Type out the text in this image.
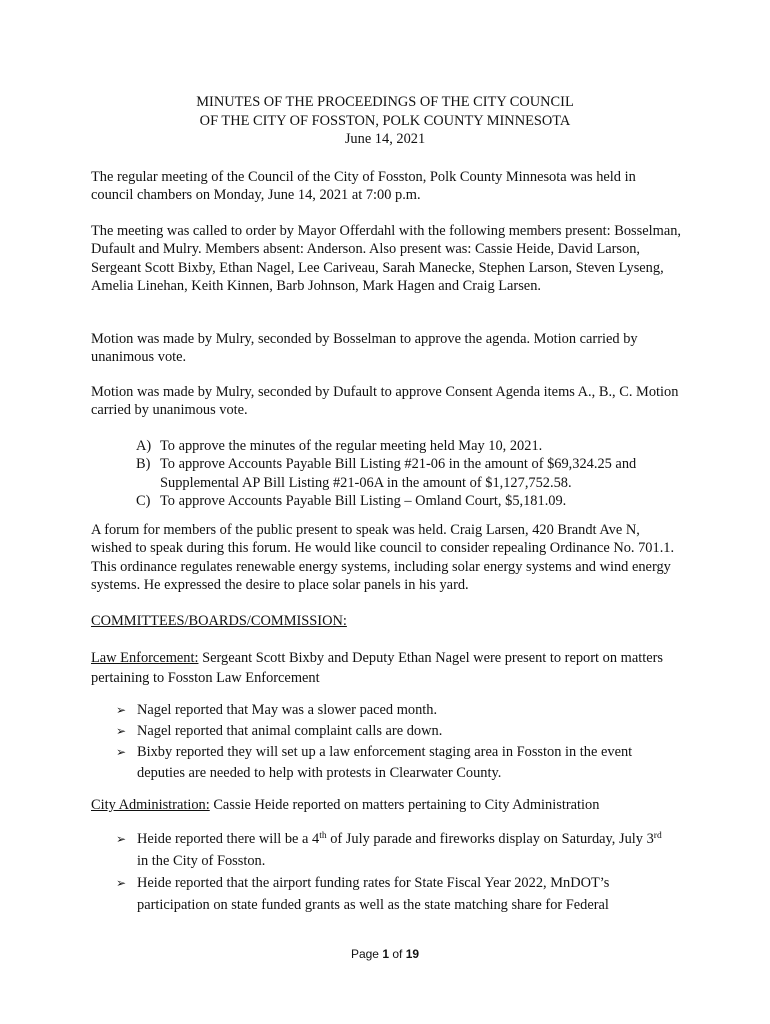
MINUTES OF THE PROCEEDINGS OF THE CITY COUNCIL
OF THE CITY OF FOSSTON, POLK COUNTY MINNESOTA
June 14, 2021
The regular meeting of the Council of the City of Fosston, Polk County Minnesota was held in council chambers on Monday, June 14, 2021 at 7:00 p.m.
The meeting was called to order by Mayor Offerdahl with the following members present: Bosselman, Dufault and Mulry. Members absent: Anderson. Also present was: Cassie Heide, David Larson, Sergeant Scott Bixby, Ethan Nagel, Lee Cariveau, Sarah Manecke, Stephen Larson, Steven Lyseng, Amelia Linehan, Keith Kinnen, Barb Johnson, Mark Hagen and Craig Larsen.
Motion was made by Mulry, seconded by Bosselman to approve the agenda. Motion carried by unanimous vote.
Motion was made by Mulry, seconded by Dufault to approve Consent Agenda items A., B., C. Motion carried by unanimous vote.
A) To approve the minutes of the regular meeting held May 10, 2021.
B) To approve Accounts Payable Bill Listing #21-06 in the amount of $69,324.25 and Supplemental AP Bill Listing #21-06A in the amount of $1,127,752.58.
C) To approve Accounts Payable Bill Listing – Omland Court, $5,181.09.
A forum for members of the public present to speak was held. Craig Larsen, 420 Brandt Ave N, wished to speak during this forum. He would like council to consider repealing Ordinance No. 701.1. This ordinance regulates renewable energy systems, including solar energy systems and wind energy systems. He expressed the desire to place solar panels in his yard.
COMMITTEES/BOARDS/COMMISSION:
Law Enforcement: Sergeant Scott Bixby and Deputy Ethan Nagel were present to report on matters pertaining to Fosston Law Enforcement
➢ Nagel reported that May was a slower paced month.
➢ Nagel reported that animal complaint calls are down.
➢ Bixby reported they will set up a law enforcement staging area in Fosston in the event deputies are needed to help with protests in Clearwater County.
City Administration: Cassie Heide reported on matters pertaining to City Administration
➢ Heide reported there will be a 4th of July parade and fireworks display on Saturday, July 3rd in the City of Fosston.
➢ Heide reported that the airport funding rates for State Fiscal Year 2022, MnDOT’s participation on state funded grants as well as the state matching share for Federal
Page 1 of 19
